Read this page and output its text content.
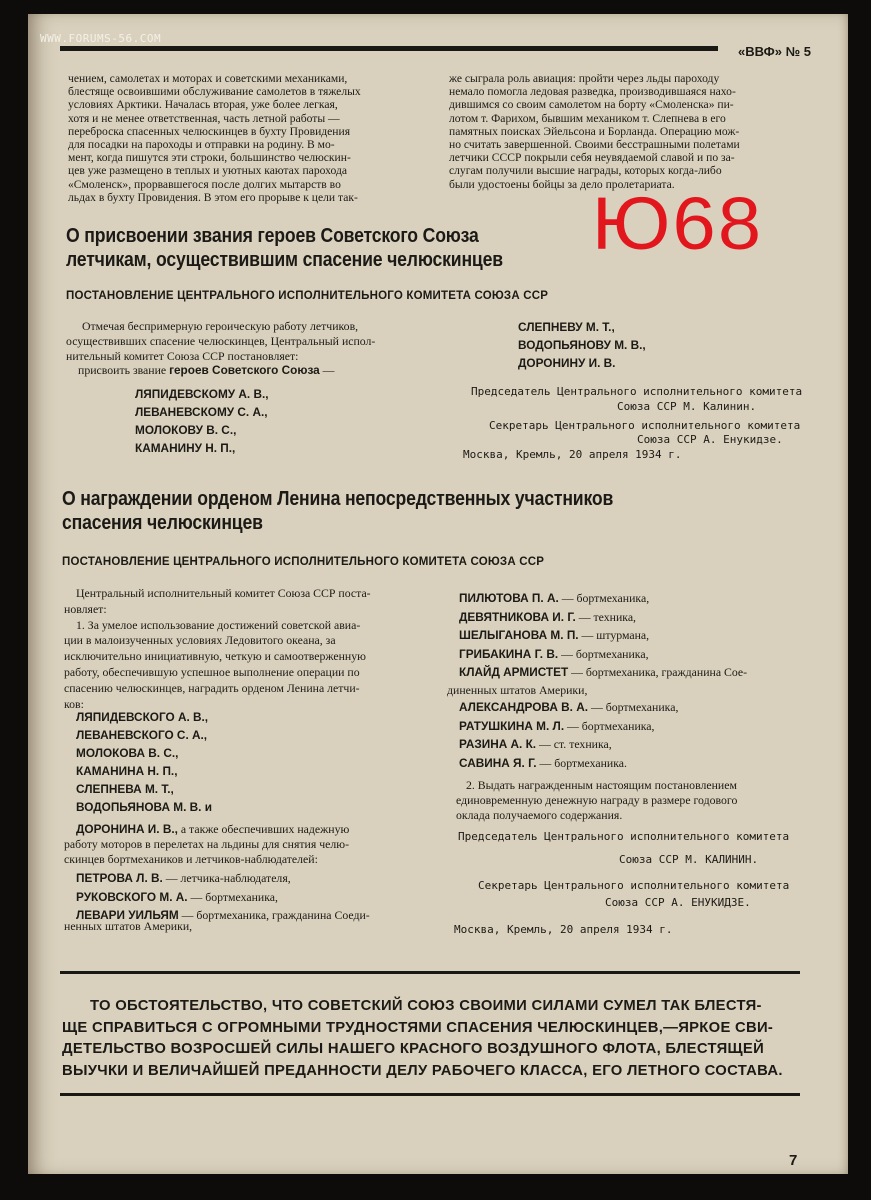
WWW.FORUMS-56.COM
«ВВФ» № 5
чением, самолетах и моторах и советскими механиками,
блестяще освоившими обслуживание самолетов в тяжелых
условиях Арктики. Началась вторая, уже более легкая,
хотя и не менее ответственная, часть летной работы —
переброска спасенных челюскинцев в бухту Провидения
для посадки на пароходы и отправки на родину. В мо-
мент, когда пишутся эти строки, большинство челюскин-
цев уже размещено в теплых и уютных каютах парохода
«Смоленск», прорвавшегося после долгих мытарств во
льдах в бухту Провидения. В этом его прорыве к цели так-
же сыграла роль авиация: пройти через льды пароходу
немало помогла ледовая разведка, производившаяся нахо-
дившимся со своим самолетом на борту «Смоленска» пи-
лотом т. Фарихом, бывшим механиком т. Слепнева в его
памятных поисках Эйельсона и Борланда. Операцию мож-
но считать завершенной. Своими бесстрашными полетами
летчики СССР покрыли себя неувядаемой славой и по за-
слугам получили высшие награды, которых когда-либо
были удостоены бойцы за дело пролетариата.
Ю68
О присвоении звания героев Советского Союза
летчикам, осуществившим спасение челюскинцев
ПОСТАНОВЛЕНИЕ ЦЕНТРАЛЬНОГО ИСПОЛНИТЕЛЬНОГО КОМИТЕТА СОЮЗА ССР
Отмечая беспримерную героическую работу летчиков,
осуществивших спасение челюскинцев, Центральный испол-
нительный комитет Союза ССР постановляет:
присвоить звание героев Советского Союза —
ЛЯПИДЕВСКОМУ А. В.,
ЛЕВАНЕВСКОМУ С. А.,
МОЛОКОВУ В. С.,
КАМАНИНУ Н. П.,
СЛЕПНЕВУ М. Т.,
ВОДОПЬЯНОВУ М. В.,
ДОРОНИНУ И. В.
Председатель Центрального исполнительного комитета
Союза ССР М. Калинин.
Секретарь Центрального исполнительного комитета
Союза ССР А. Енукидзе.
Москва, Кремль, 20 апреля 1934 г.
О награждении орденом Ленина непосредственных участников
спасения челюскинцев
ПОСТАНОВЛЕНИЕ ЦЕНТРАЛЬНОГО ИСПОЛНИТЕЛЬНОГО КОМИТЕТА СОЮЗА ССР
Центральный исполнительный комитет Союза ССР поста-
новляет:
1. За умелое использование достижений советской авиа-
ции в малоизученных условиях Ледовитого океана, за
исключительно инициативную, четкую и самоотверженную
работу, обеспечившую успешное выполнение операции по
спасению челюскинцев, наградить орденом Ленина летчи-
ков:
ЛЯПИДЕВСКОГО А. В.,
ЛЕВАНЕВСКОГО С. А.,
МОЛОКОВА В. С.,
КАМАНИНА Н. П.,
СЛЕПНЕВА М. Т.,
ВОДОПЬЯНОВА М. В. и
ДОРОНИНА И. В., а также обеспечивших надежную
работу моторов в перелетах на льдины для снятия челю-
скинцев бортмехаников и летчиков-наблюдателей:
ПЕТРОВА Л. В. — летчика-наблюдателя,
РУКОВСКОГО М. А. — бортмеханика,
ЛЕВАРИ УИЛЬЯМ — бортмеханика, гражданина Соеди-
ненных штатов Америки,
ПИЛЮТОВА П. А. — бортмеханика,
ДЕВЯТНИКОВА И. Г. — техника,
ШЕЛЫГАНОВА М. П. — штурмана,
ГРИБАКИНА Г. В. — бортмеханика,
КЛАЙД АРМИСТЕТ — бортмеханика, гражданина Сое-
диненных штатов Америки,
АЛЕКСАНДРОВА В. А. — бортмеханика,
РАТУШКИНА М. Л. — бортмеханика,
РАЗИНА А. К. — ст. техника,
САВИНА Я. Г. — бортмеханика.
2. Выдать награжденным настоящим постановлением
единовременную денежную награду в размере годового
оклада получаемого содержания.
Председатель Центрального исполнительного комитета
Союза ССР М. КАЛИНИН.
Секретарь Центрального исполнительного комитета
Союза ССР А. ЕНУКИДЗЕ.
Москва, Кремль, 20 апреля 1934 г.
ТО ОБСТОЯТЕЛЬСТВО, ЧТО СОВЕТСКИЙ СОЮЗ СВОИМИ СИЛАМИ СУМЕЛ ТАК БЛЕСТЯ-
ЩЕ СПРАВИТЬСЯ С ОГРОМНЫМИ ТРУДНОСТЯМИ СПАСЕНИЯ ЧЕЛЮСКИНЦЕВ,—ЯРКОЕ СВИ-
ДЕТЕЛЬСТВО ВОЗРОСШЕЙ СИЛЫ НАШЕГО КРАСНОГО ВОЗДУШНОГО ФЛОТА, БЛЕСТЯЩЕЙ
ВЫУЧКИ И ВЕЛИЧАЙШЕЙ ПРЕДАННОСТИ ДЕЛУ РАБОЧЕГО КЛАССА, ЕГО ЛЕТНОГО СОСТАВА.
7
